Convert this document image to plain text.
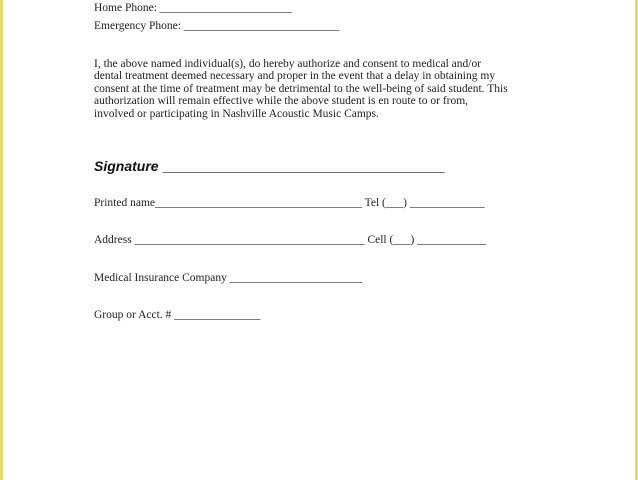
Home Phone: _______________________
Emergency Phone: ___________________________
I, the above named individual(s), do hereby authorize and consent to medical and/or
dental treatment deemed necessary and proper in the event that a delay in obtaining my
consent at the time of treatment may be detrimental to the well-being of said student. This
authorization will remain effective while the above student is en route to or from,
involved or participating in Nashville Acoustic Music Camps.
Signature _______________________________________________
Printed name____________________________________ Tel (___) _____________
Address ________________________________________ Cell (___) ____________
Medical Insurance Company _______________________
Group or Acct. # _______________
